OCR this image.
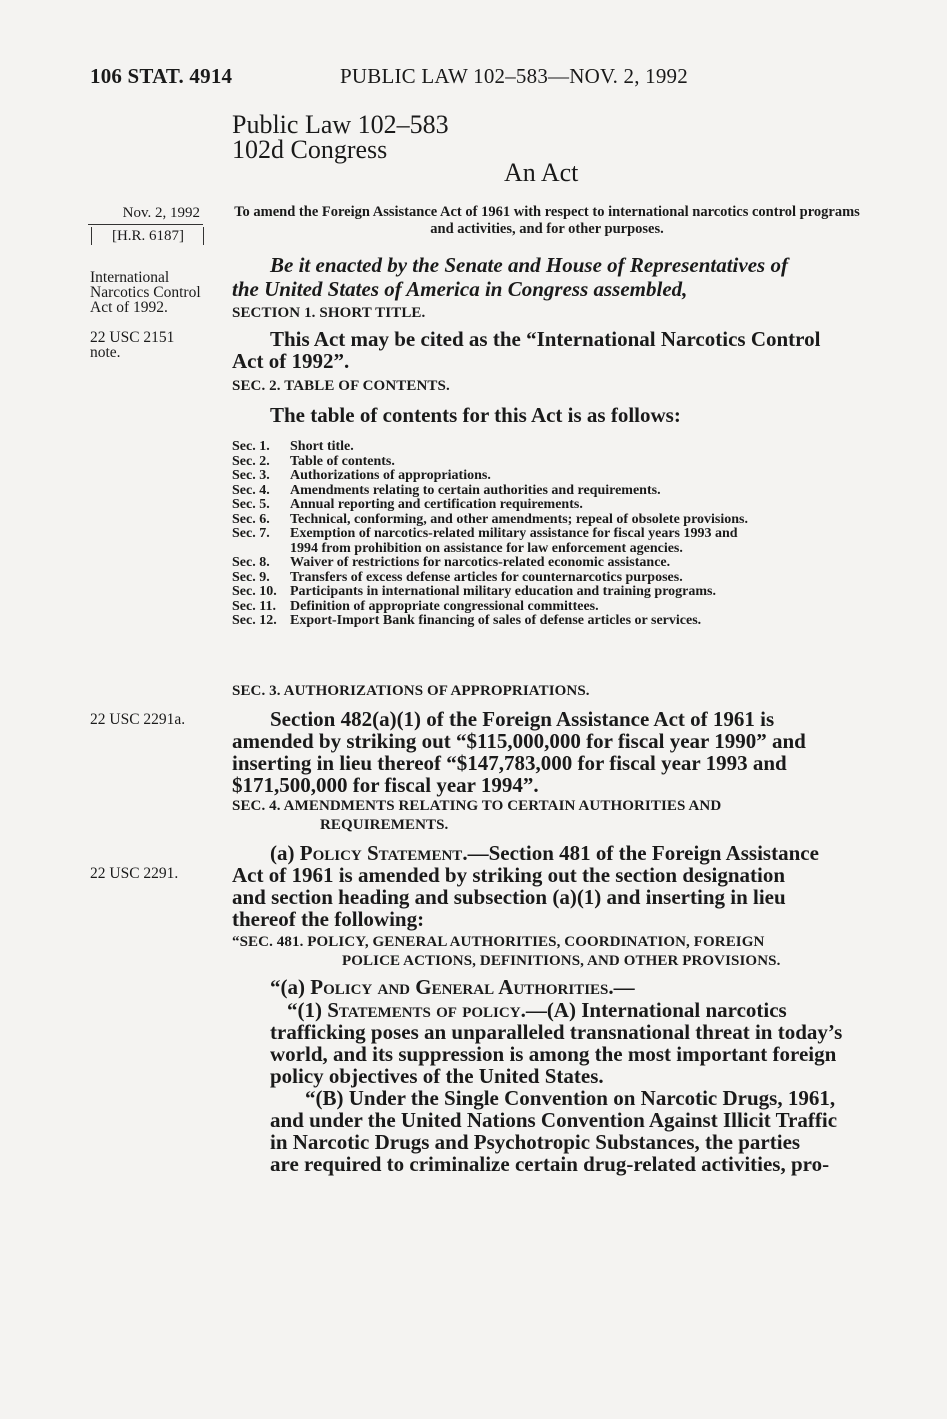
106 STAT. 4914	PUBLIC LAW 102–583—NOV. 2, 1992
Public Law 102–583
102d Congress
An Act
Nov. 2, 1992
[H.R. 6187]
To amend the Foreign Assistance Act of 1961 with respect to international narcotics control programs and activities, and for other purposes.
Be it enacted by the Senate and House of Representatives of
the United States of America in Congress assembled,
International Narcotics Control Act of 1992.
22 USC 2151 note.
SECTION 1. SHORT TITLE.
This Act may be cited as the “International Narcotics Control
Act of 1992”.
SEC. 2. TABLE OF CONTENTS.
The table of contents for this Act is as follows:
Sec. 1.	Short title.
Sec. 2.	Table of contents.
Sec. 3.	Authorizations of appropriations.
Sec. 4.	Amendments relating to certain authorities and requirements.
Sec. 5.	Annual reporting and certification requirements.
Sec. 6.	Technical, conforming, and other amendments; repeal of obsolete provisions.
Sec. 7.	Exemption of narcotics-related military assistance for fiscal years 1993 and
1994 from prohibition on assistance for law enforcement agencies.
Sec. 8.	Waiver of restrictions for narcotics-related economic assistance.
Sec. 9.	Transfers of excess defense articles for counternarcotics purposes.
Sec. 10. Participants in international military education and training programs.
Sec. 11.	Definition of appropriate congressional committees.
Sec. 12. Export-Import Bank financing of sales of defense articles or services.
SEC. 3. AUTHORIZATIONS OF APPROPRIATIONS.
22 USC 2291a.	Section 482(a)(1) of the Foreign Assistance Act of 1961 is
amended by striking out “$115,000,000 for fiscal year 1990” and
inserting in lieu thereof “$147,783,000 for fiscal year 1993 and
$171,500,000 for fiscal year 1994”.
SEC. 4. AMENDMENTS RELATING TO CERTAIN AUTHORITIES AND
REQUIREMENTS.
(a) Policy Statement.—Section 481 of the Foreign Assistance
22 USC 2291.	Act of 1961 is amended by striking out the section designation
and section heading and subsection (a)(1) and inserting in lieu
thereof the following:
“SEC. 481. POLICY, GENERAL AUTHORITIES, COORDINATION, FOREIGN
POLICE ACTIONS, DEFINITIONS, AND OTHER PROVISIONS.
“(a) Policy and General Authorities.—
“(1) Statements of policy.—(A) International narcotics
trafficking poses an unparalleled transnational threat in today’s
world, and its suppression is among the most important foreign
policy objectives of the United States.
“(B) Under the Single Convention on Narcotic Drugs, 1961,
and under the United Nations Convention Against Illicit Traffic
in Narcotic Drugs and Psychotropic Substances, the parties
are required to criminalize certain drug-related activities, pro-
